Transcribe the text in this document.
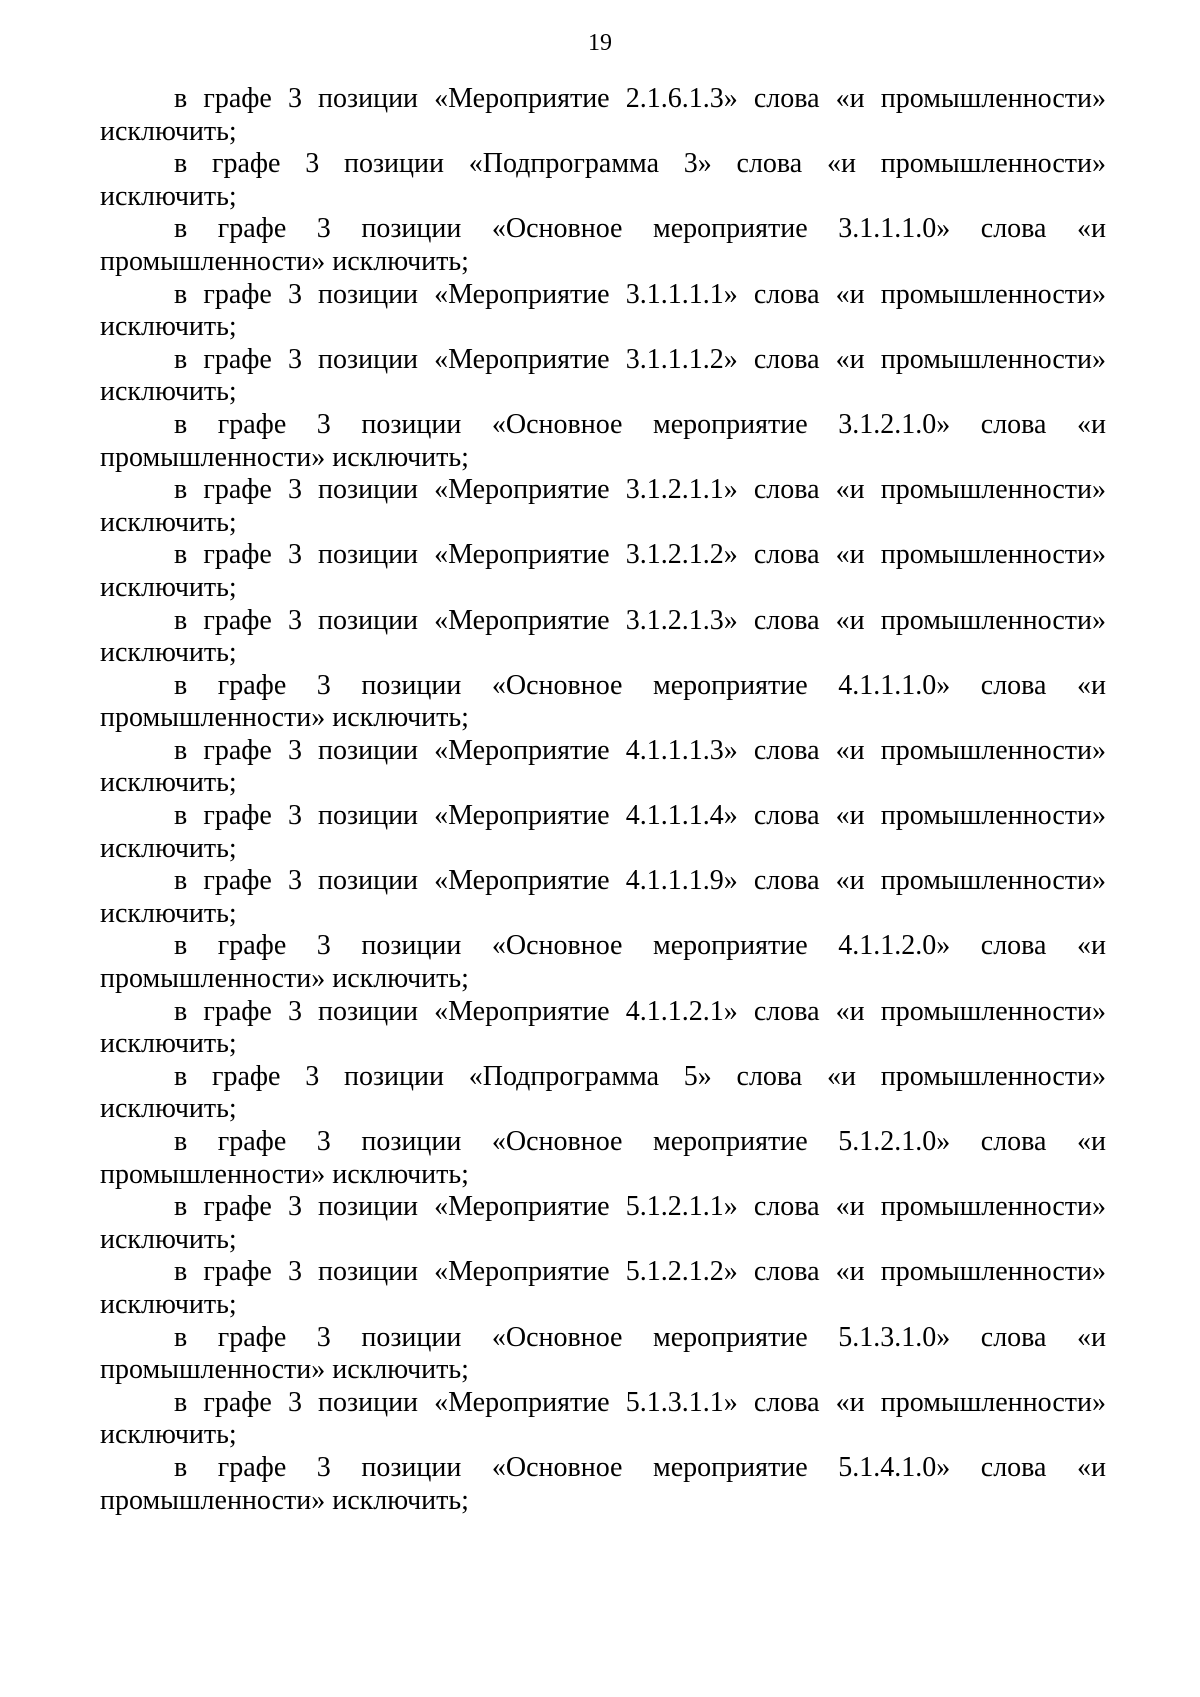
19

в графе 3 позиции «Мероприятие 2.1.6.1.3» слова «и промышленности»
исключить;

в графе 3 позиции «Подпрограмма 3» слова «и промышленности»
исключить;

в графе 3 позиции «Основное мероприятие 3.1.1.1.0» слова «и
промышленности» исключить;

в графе 3 позиции «Мероприятие 3.1.1.1.1» слова «и промышленности»
исключить;

в графе 3 позиции «Мероприятие 3.1.1.1.2» слова «и промышленности»
исключить;

в графе 3 позиции «Основное мероприятие 3.1.2.1.0» слова «и
промышленности» исключить;

в графе 3 позиции «Мероприятие 3.1.2.1.1» слова «и промышленности»
исключить;

в графе 3 позиции «Мероприятие 3.1.2.1.2» слова «и промышленности»
исключить;

в графе 3 позиции «Мероприятие 3.1.2.1.3» слова «и промышленности»
исключить;

в графе 3 позиции «Основное мероприятие 4.1.1.1.0» слова «и
промышленности» исключить;

в графе 3 позиции «Мероприятие 4.1.1.1.3» слова «и промышленности»
исключить;

в графе 3 позиции «Мероприятие 4.1.1.1.4» слова «и промышленности»
исключить;

в графе 3 позиции «Мероприятие 4.1.1.1.9» слова «и промышленности»
исключить;

в графе 3 позиции «Основное мероприятие 4.1.1.2.0» слова «и
промышленности» исключить;

в графе 3 позиции «Мероприятие 4.1.1.2.1» слова «и промышленности»
исключить;

в графе 3 позиции «Подпрограмма 5» слова «и промышленности»
исключить;

в графе 3 позиции «Основное мероприятие 5.1.2.1.0» слова «и
промышленности» исключить;

в графе 3 позиции «Мероприятие 5.1.2.1.1» слова «и промышленности»
исключить;

в графе 3 позиции «Мероприятие 5.1.2.1.2» слова «и промышленности»
исключить;

в графе 3 позиции «Основное мероприятие 5.1.3.1.0» слова «и
промышленности» исключить;

в графе 3 позиции «Мероприятие 5.1.3.1.1» слова «и промышленности»
исключить;

в графе 3 позиции «Основное мероприятие 5.1.4.1.0» слова «и
промышленности» исключить;
